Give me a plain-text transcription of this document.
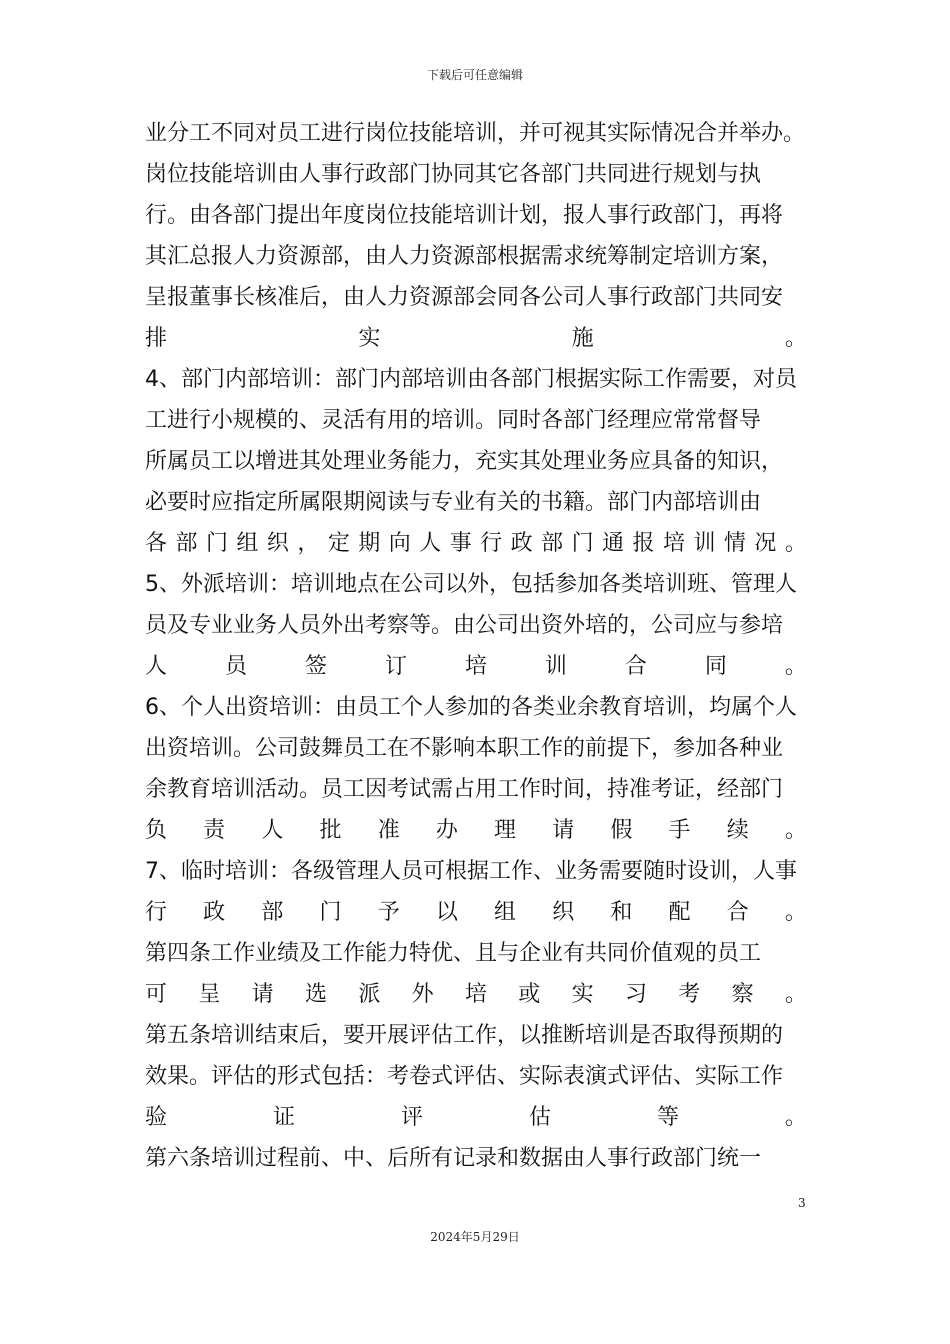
下载后可任意编辑
业分工不同对员工进行岗位技能培训，并可视其实际情况合并举办。
岗位技能培训由人事行政部门协同其它各部门共同进行规划与执
行。由各部门提出年度岗位技能培训计划，报人事行政部门，再将
其汇总报人力资源部，由人力资源部根据需求统筹制定培训方案，
呈报董事长核准后，由人力资源部会同各公司人事行政部门共同安
排	实	施	。
4、部门内部培训：部门内部培训由各部门根据实际工作需要，对员
工进行小规模的、灵活有用的培训。同时各部门经理应常常督导
所属员工以增进其处理业务能力，充实其处理业务应具备的知识，
必要时应指定所属限期阅读与专业有关的书籍。部门内部培训由
各 部 门 组 织 ， 定 期 向 人 事 行 政 部 门 通 报 培 训 情 况 。
5、外派培训：培训地点在公司以外，包括参加各类培训班、管理人
员及专业业务人员外出考察等。由公司出资外培的，公司应与参培
人	员	签	订	培	训	合	同	。
6、个人出资培训：由员工个人参加的各类业余教育培训，均属个人
出资培训。公司鼓舞员工在不影响本职工作的前提下，参加各种业
余教育培训活动。员工因考试需占用工作时间，持准考证，经部门
负 责 人 批 准 办 理 请 假 手 续 。
7、临时培训：各级管理人员可根据工作、业务需要随时设训，人事
行 政 部 门 予 以 组 织 和 配 合 。
第四条工作业绩及工作能力特优、且与企业有共同价值观的员工
可 呈 请 选 派 外 培 或 实 习 考 察 。
第五条培训结束后，要开展评估工作，以推断培训是否取得预期的
效果。评估的形式包括：考卷式评估、实际表演式评估、实际工作
验	证	评	估	等	。
第六条培训过程前、中、后所有记录和数据由人事行政部门统一
3
2024年5月29日
